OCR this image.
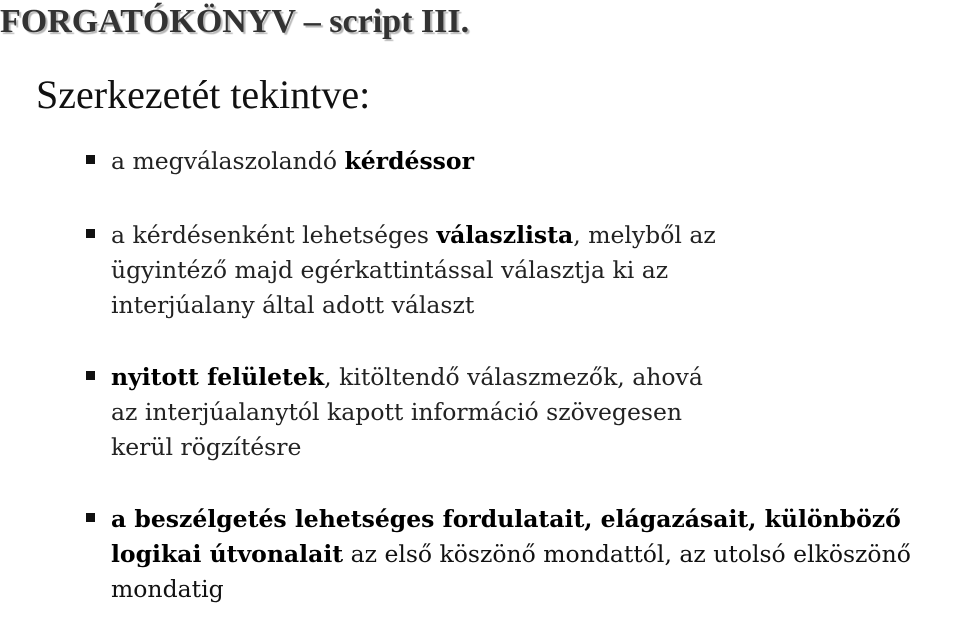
FORGATÓKÖNYV – script III.
Szerkezetét tekintve:
a megválaszolandó kérdéssor
a kérdésenként lehetséges válaszlista, melyből az ügyintéző majd egérkattintással választja ki az interjúalany által adott választ
nyitott felületek, kitöltendő válaszmezők, ahová az interjúalanytól kapott információ szövegesen kerül rögzítésre
a beszélgetés lehetséges fordulatait, elágazásait, különböző logikai útvonalait az első köszönő mondattól, az utolsó elköszönő mondatig
